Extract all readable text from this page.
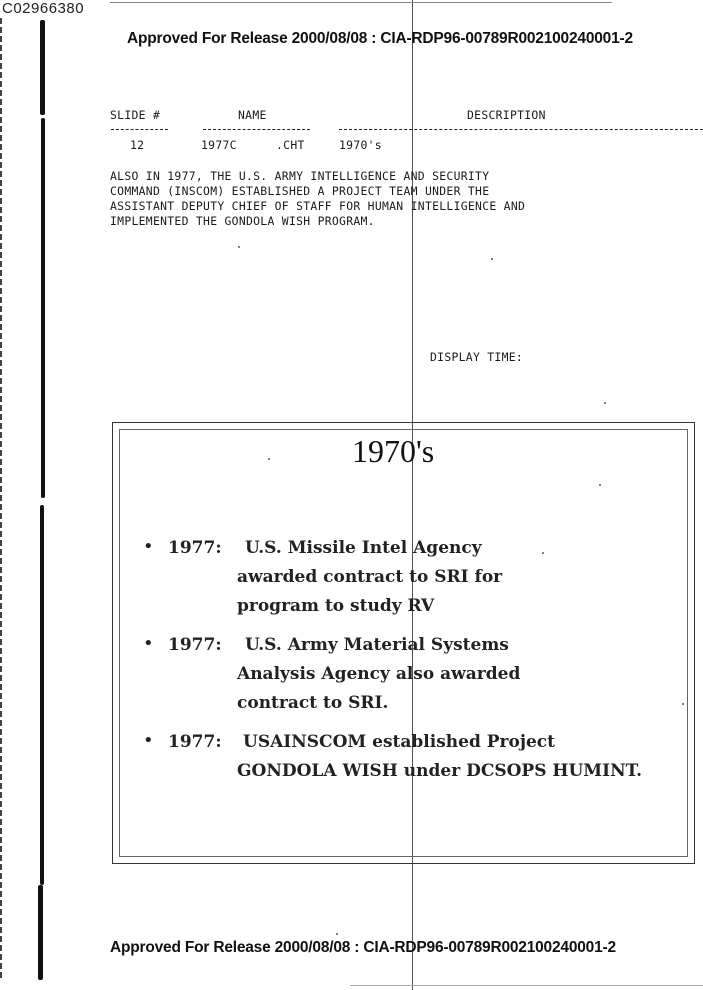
C02966380
Approved For Release 2000/08/08 : CIA-RDP96-00789R002100240001-2
SLIDE #	NAME	DESCRIPTION
12	1977C	.CHT	1970's
ALSO IN 1977, THE U.S. ARMY INTELLIGENCE AND SECURITY
COMMAND (INSCOM) ESTABLISHED A PROJECT TEAM UNDER THE
ASSISTANT DEPUTY CHIEF OF STAFF FOR HUMAN INTELLIGENCE AND
IMPLEMENTED THE GONDOLA WISH PROGRAM.
DISPLAY TIME:
1970's
• 1977: U.S. Missile Intel Agency
awarded contract to SRI for
program to study RV
• 1977: U.S. Army Material Systems
Analysis Agency also awarded
contract to SRI.
• 1977: USAINSCOM established Project
GONDOLA WISH under DCSOPS HUMINT.
Approved For Release 2000/08/08 : CIA-RDP96-00789R002100240001-2
